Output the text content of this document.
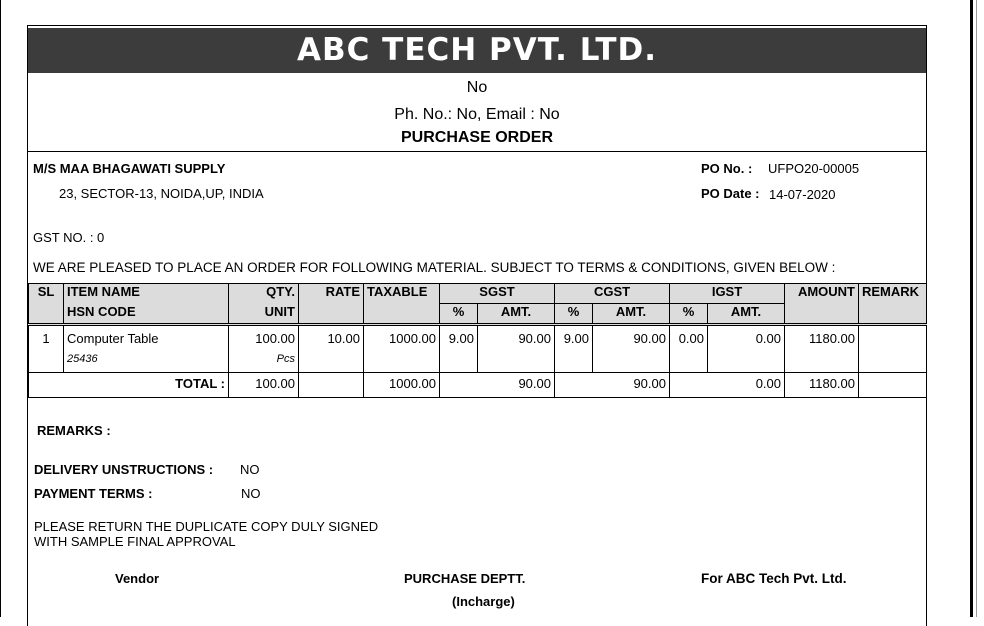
ABC TECH PVT. LTD.
No
Ph. No.: No, Email : No
PURCHASE ORDER
M/S MAA BHAGAWATI SUPPLY
23, SECTOR-13, NOIDA,UP, INDIA
PO No. : UFPO20-00005
PO Date : 14-07-2020
GST NO. : 0
WE ARE PLEASED TO PLACE AN ORDER FOR FOLLOWING MATERIAL. SUBJECT TO TERMS & CONDITIONS, GIVEN BELOW :
SL	ITEM NAME	QTY.	RATE	TAXABLE	SGST		CGST		IGST		AMOUNT	REMARK
	HSN CODE	UNIT			%	AMT.	%	AMT.	%	AMT.		
1	Computer Table	100.00	10.00	1000.00	9.00	90.00	9.00	90.00	0.00	0.00	1180.00	
	25436	Pcs										
	TOTAL :	100.00		1000.00	90.00		90.00		0.00		1180.00	
REMARKS :
DELIVERY UNSTRUCTIONS : NO
PAYMENT TERMS :	NO
PLEASE RETURN THE DUPLICATE COPY DULY SIGNED
WITH SAMPLE FINAL APPROVAL
Vendor	PURCHASE DEPTT.
(Incharge)
For ABC Tech Pvt. Ltd.
